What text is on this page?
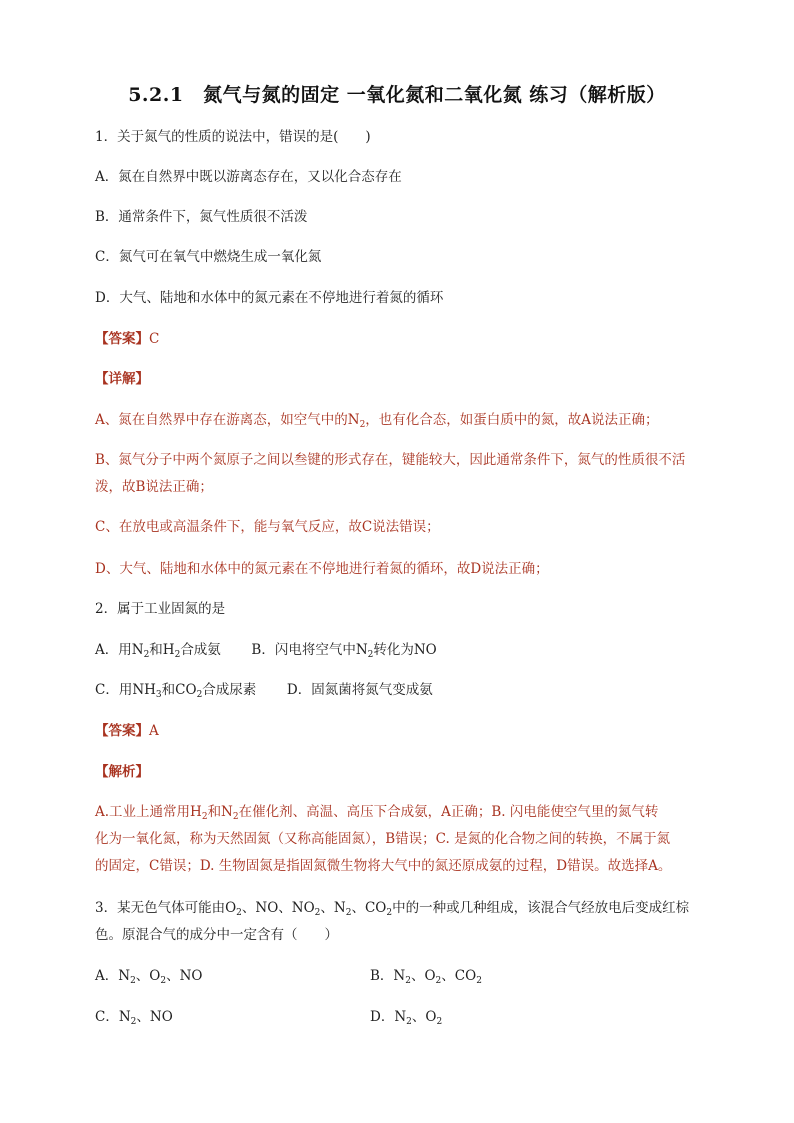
5.2.1　氮气与氮的固定 一氧化氮和二氧化氮 练习（解析版）
1．关于氮气的性质的说法中，错误的是(　　)
A．氮在自然界中既以游离态存在，又以化合态存在
B．通常条件下，氮气性质很不活泼
C．氮气可在氧气中燃烧生成一氧化氮
D．大气、陆地和水体中的氮元素在不停地进行着氮的循环
【答案】C
【详解】
A、氮在自然界中存在游离态，如空气中的$N_2$，也有化合态，如蛋白质中的氮，故A说法正确；
B、氮气分子中两个氮原子之间以叁键的形式存在，键能较大，因此通常条件下，氮气的性质很不活
泼，故B说法正确；
C、在放电或高温条件下，能与氧气反应，故C说法错误；
D、大气、陆地和水体中的氮元素在不停地进行着氮的循环，故D说法正确；
2．属于工业固氮的是
A．用$N_2$和$H_2$合成氨 B．闪电将空气中$N_2$转化为NO
C．用$NH_3$和$CO_2$合成尿素 D．固氮菌将氮气变成氨
【答案】A
【解析】
A.工业上通常用$H_2$和$N_2$在催化剂、高温、高压下合成氨，A正确；B. 闪电能使空气里的氮气转
化为一氧化氮，称为天然固氮（又称高能固氮），B错误；C. 是氮的化合物之间的转换，不属于氮
的固定，C错误；D. 生物固氮是指固氮微生物将大气中的氮还原成氨的过程，D错误。故选择A。
3．某无色气体可能由$O_2$、NO、$NO_2$、$N_2$、$CO_2$中的一种或几种组成，该混合气经放电后变成红棕
色。原混合气的成分中一定含有（　　）
A．$N_2$、$O_2$、NO	B．$N_2$、$O_2$、$CO_2$
C．$N_2$、NO	D．$N_2$、$O_2$
